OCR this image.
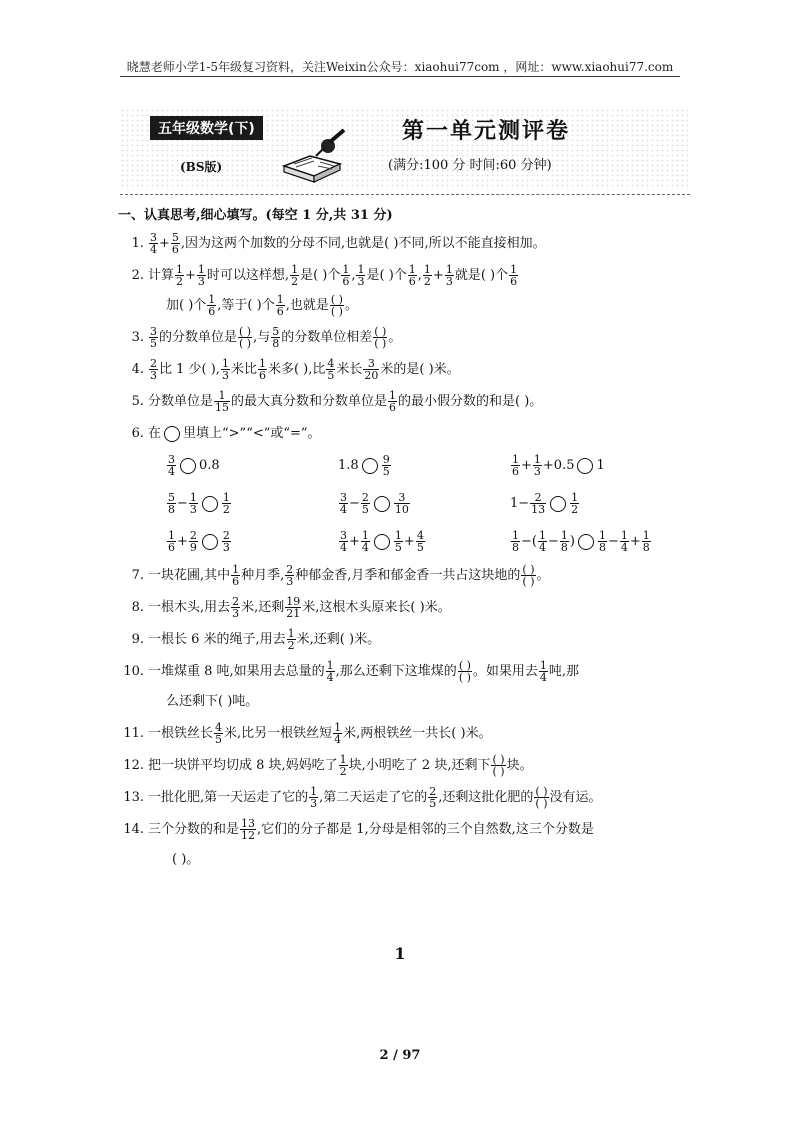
晓慧老师小学1-5年级复习资料，关注Weixin公众号：xiaohui77com ，网址：www.xiaohui77.com
五年级数学(下)
(BS版)
第一单元测评卷
(满分:100 分 时间:60 分钟)
一、认真思考,细心填写。(每空 1 分,共 31 分)
1. $\frac{3}{4} + \frac{5}{6}$ ,因为这两个加数的分母不同,也就是( )不同,所以不能直接相加。
2. 计算 $\frac{1}{2} + \frac{1}{3}$ 时可以这样想, $\frac{1}{2}$ 是( )个 $\frac{1}{6}$ , $\frac{1}{3}$ 是( )个 $\frac{1}{6}$ , $\frac{1}{2} + \frac{1}{3}$ 就是( )个 $\frac{1}{6}$
加( )个 $\frac{1}{6}$ ,等于( )个 $\frac{1}{6}$ ,也就是 ( )
( ) 。
3. $\frac{3}{5}$ 的分数单位是 ( )
( ) ,与 $\frac{5}{8}$ 的分数单位相差 ( )
( ) 。
4. $\frac{2}{3}$ 比 1 少( ), $\frac{1}{3}$ 米比 $\frac{1}{6}$ 米多( ),比 $\frac{4}{5}$ 米长 $\frac{3}{20}$ 米的是( )米。
5. 分数单位是 $\frac{1}{15}$ 的最大真分数和分数单位是 $\frac{1}{6}$ 的最小假分数的和是( )。
6. 在 里填上“>”“<”或“=”。
$\frac{3}{4} 0.8$	$1.8 \frac{9}{5}$	$\frac{1}{6} + \frac{1}{3} +0.5$ 1
$\frac{5}{8} - \frac{1}{3} \frac{1}{2}$	$\frac{3}{4} - \frac{2}{5} \frac{3}{10}$	$1- \frac{2}{13} \frac{1}{2}$
$\frac{1}{6} + \frac{2}{9} \frac{2}{3}$	$\frac{3}{4} + \frac{1}{4} \frac{1}{5} + \frac{4}{5}$	$\frac{1}{8}$ −( $\frac{1}{4} - \frac{1}{8}$ ) $\frac{1}{8} - \frac{1}{4} + \frac{1}{8}$
7. 一块花圃,其中 $\frac{1}{6}$ 种月季, $\frac{2}{3}$ 种郁金香,月季和郁金香一共占这块地的 ( )
( ) 。
8. 一根木头,用去 $\frac{2}{3}$ 米,还剩 $\frac{19}{21}$ 米,这根木头原来长( )米。
9. 一根长 6 米的绳子,用去 $\frac{1}{2}$ 米,还剩( )米。
10. 一堆煤重 8 吨,如果用去总量的 $\frac{1}{4}$ ,那么还剩下这堆煤的 ( )
( ) 。如果用去 $\frac{1}{4}$ 吨,那
么还剩下( )吨。
11. 一根铁丝长 $\frac{4}{5}$ 米,比另一根铁丝短 $\frac{1}{4}$ 米,两根铁丝一共长( )米。
12. 把一块饼平均切成 8 块,妈妈吃了 $\frac{1}{2}$ 块,小明吃了 2 块,还剩下 ( )
( ) 块。
13. 一批化肥,第一天运走了它的 $\frac{1}{3}$ ,第二天运走了它的 $\frac{2}{5}$ ,还剩这批化肥的 ( )
( ) 没有运。
14. 三个分数的和是 $\frac{13}{12}$ ,它们的分子都是 1,分母是相邻的三个自然数,这三个分数是
( )。
1
2 / 97
